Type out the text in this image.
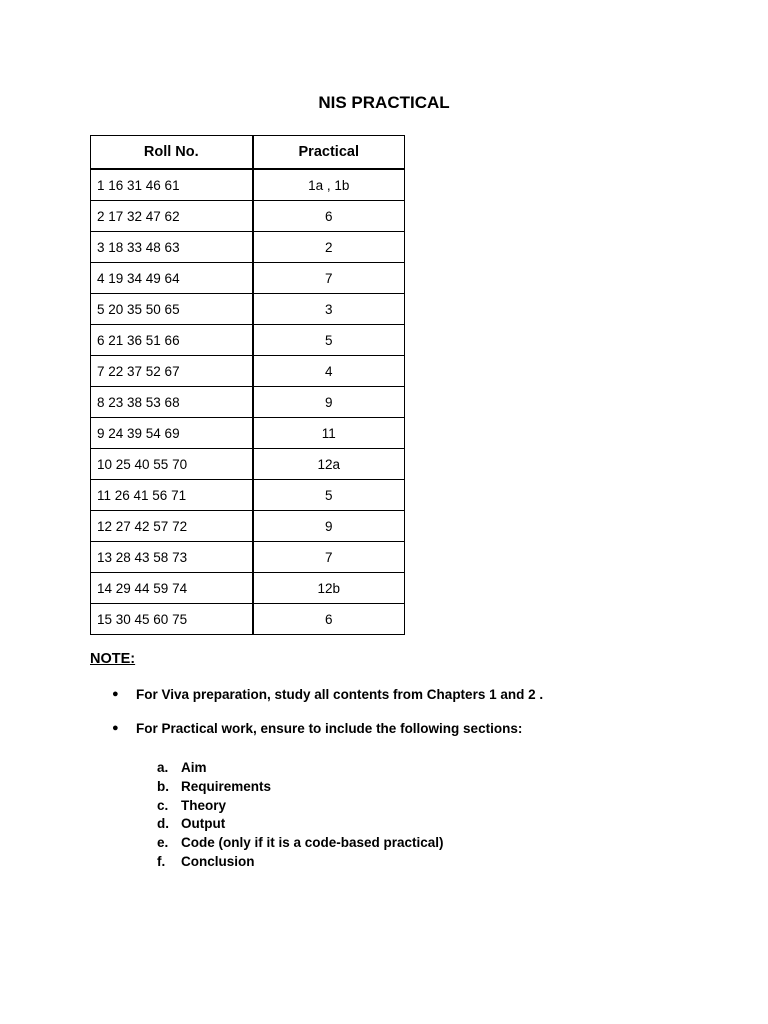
NIS PRACTICAL
Roll No.	Practical
1 16 31 46 61	1a , 1b
2 17 32 47 62	6
3 18 33 48 63	2
4 19 34 49 64	7
5 20 35 50 65	3
6 21 36 51 66	5
7 22 37 52 67	4
8 23 38 53 68	9
9 24 39 54 69	11
10 25 40 55 70	12a
11 26 41 56 71	5
12 27 42 57 72	9
13 28 43 58 73	7
14 29 44 59 74	12b
15 30 45 60 75	6

NOTE:

● For Viva preparation, study all contents from Chapters 1 and 2 .
● For Practical work, ensure to include the following sections:
a. Aim
b. Requirements
c. Theory
d. Output
e. Code (only if it is a code-based practical)
f. Conclusion
